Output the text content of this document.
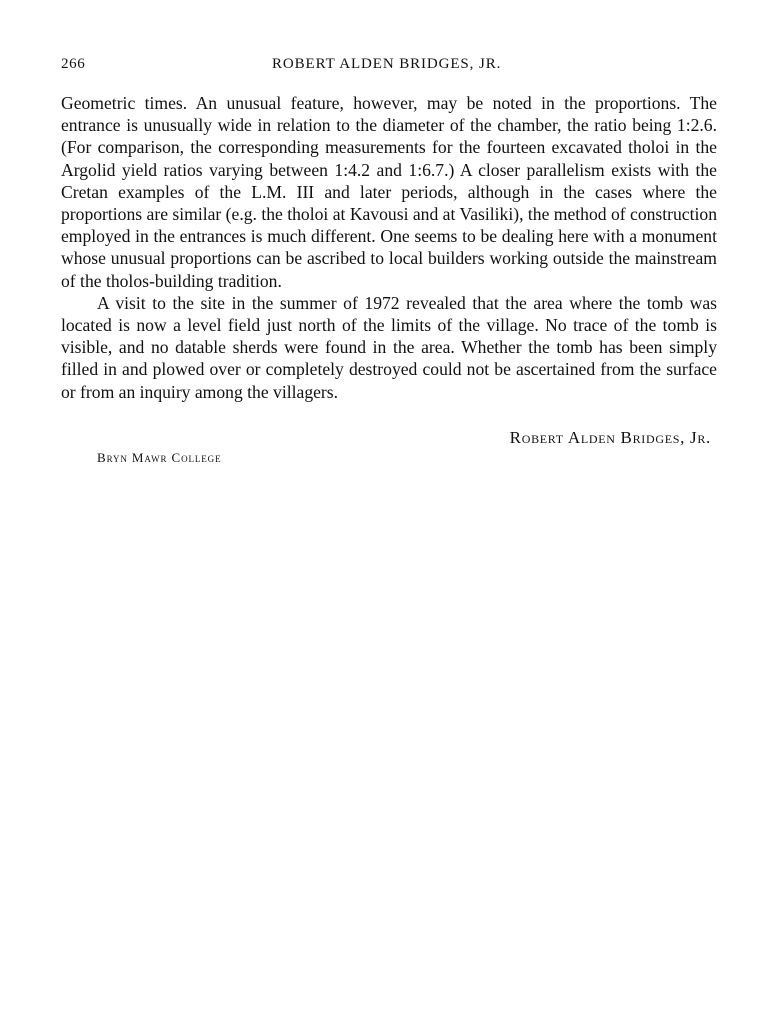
266	ROBERT ALDEN BRIDGES, JR.

Geometric times. An unusual feature, however, may be noted in the proportions. The entrance is unusually wide in relation to the diameter of the chamber, the ratio being 1:2.6. (For comparison, the corresponding measurements for the fourteen excavated tholoi in the Argolid yield ratios varying between 1:4.2 and 1:6.7.) A closer parallelism exists with the Cretan examples of the L.M. III and later periods, although in the cases where the proportions are similar (e.g. the tholoi at Kavousi and at Vasiliki), the method of construction employed in the entrances is much different. One seems to be dealing here with a monument whose unusual proportions can be ascribed to local builders working outside the mainstream of the tholos-building tradition.

A visit to the site in the summer of 1972 revealed that the area where the tomb was located is now a level field just north of the limits of the village. No trace of the tomb is visible, and no datable sherds were found in the area. Whether the tomb has been simply filled in and plowed over or completely destroyed could not be ascertained from the surface or from an inquiry among the villagers.

Robert Alden Bridges, Jr.
Bryn Mawr College
